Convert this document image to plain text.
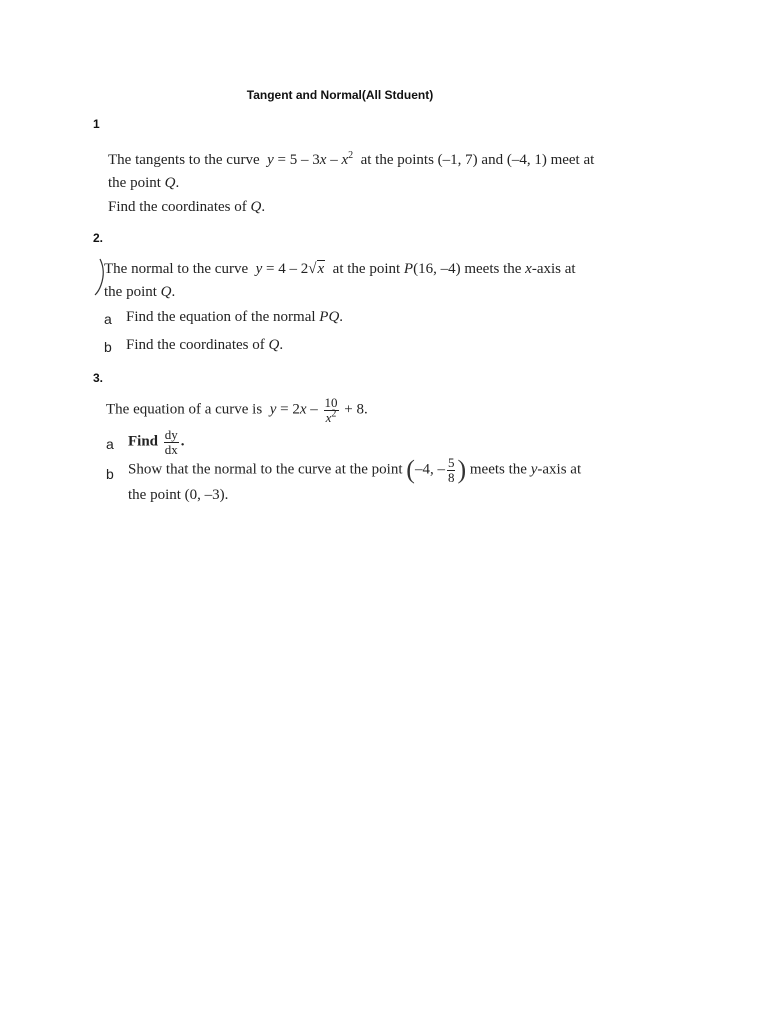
Tangent and Normal(All Stduent)
1
The tangents to the curve $y = 5 - 3x - x^2$ at the points (–1, 7) and (–4, 1) meet at
the point Q.
Find the coordinates of Q.
2.
The normal to the curve y = 4 – 2√x at the point P(16, –4) meets the x-axis at
the point Q.
a Find the equation of the normal PQ.
b Find the coordinates of Q.
3.
The equation of a curve is $y = 2x - \frac{10}{x^2} + 8$.
a Find $\frac{dy}{dx}$ .
b Show that the normal to the curve at the point (–4, – $\frac{5}{8}$ ) meets the y-axis at
the point (0, –3).
